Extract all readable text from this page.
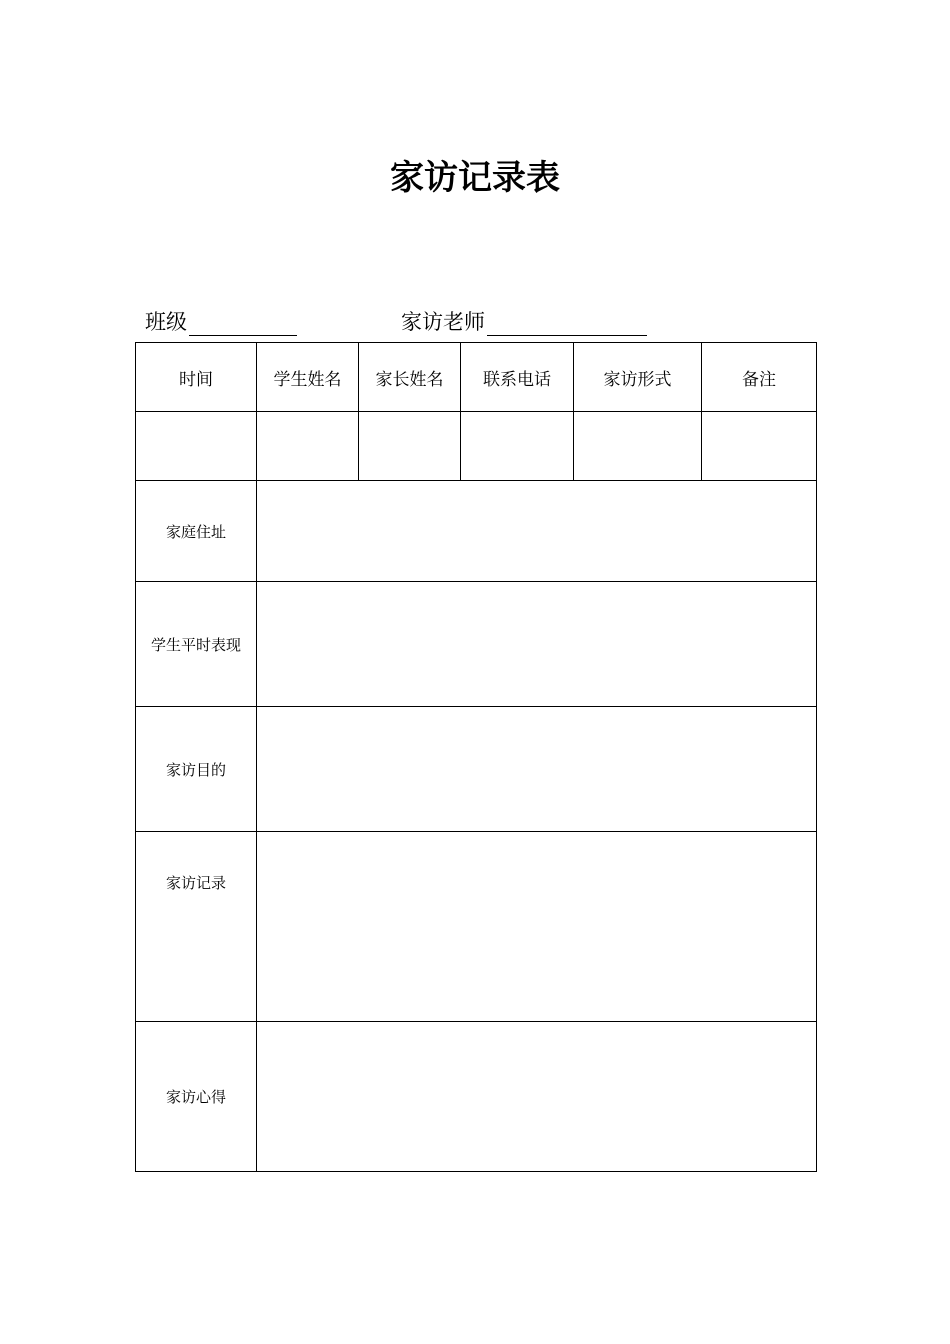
家访记录表
班级	家访老师
时间	学生姓名	家长姓名	联系电话	家访形式	备注

家庭住址					
学生平时表现					
家访目的					
家访记录					
家访心得					
